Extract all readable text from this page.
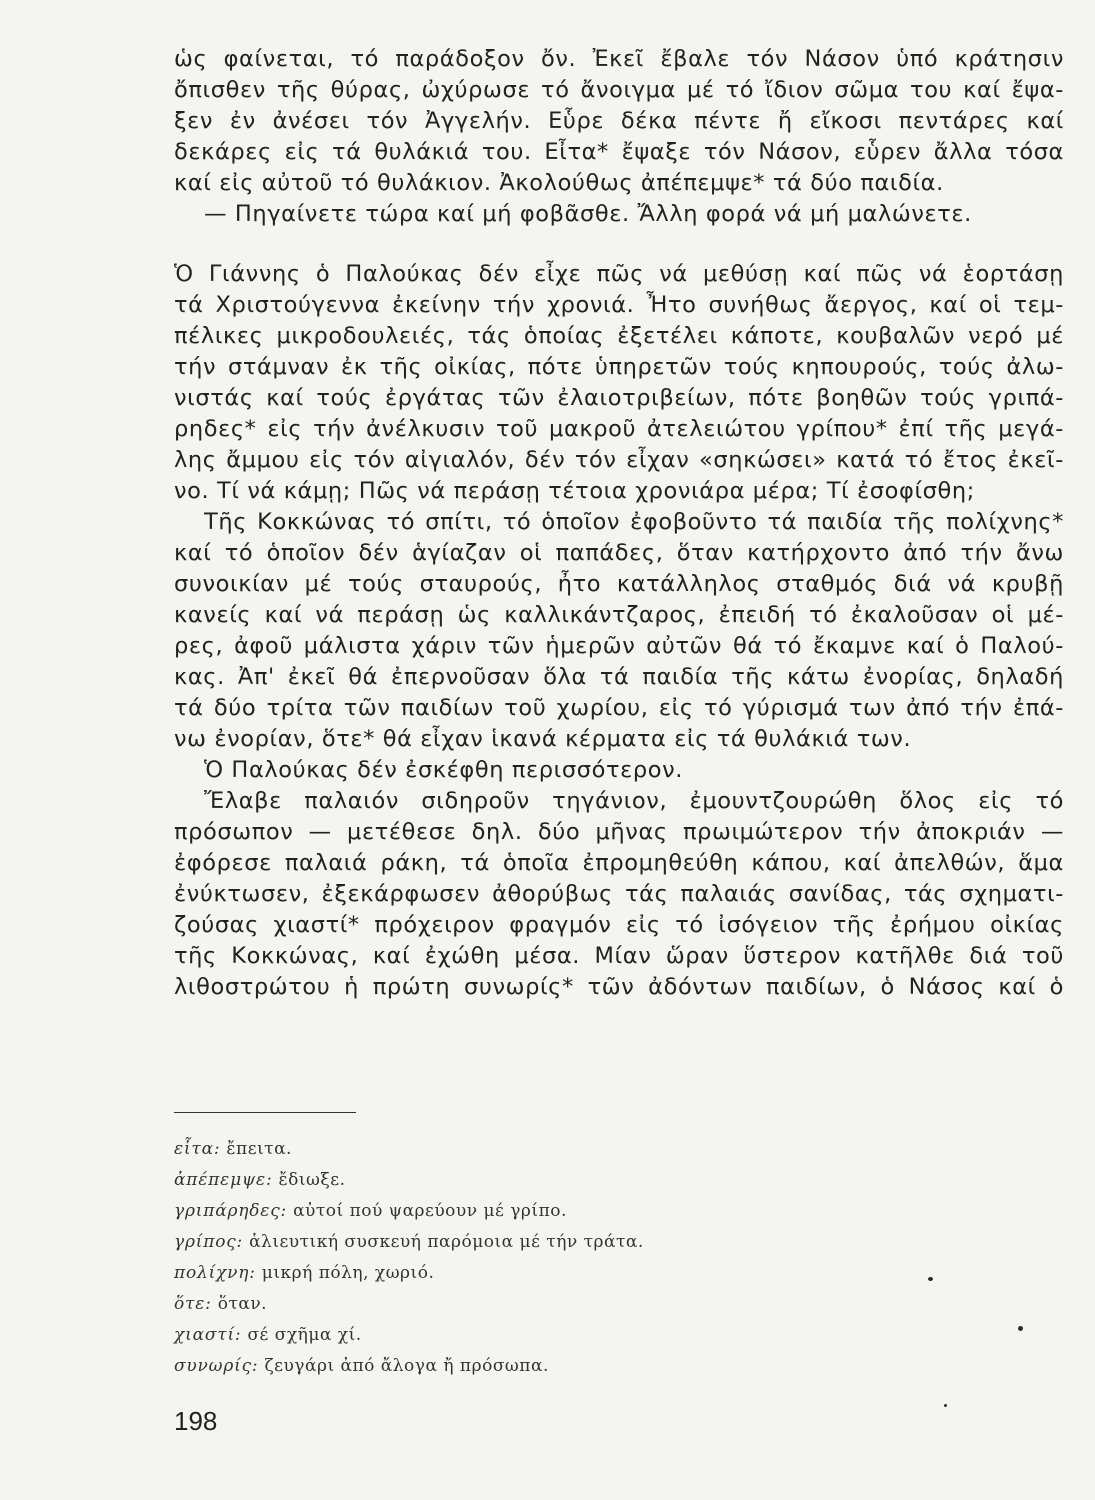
ὡς φαίνεται, τό παράδοξον ὄν. Ἐκεῖ ἔβαλε τόν Νάσον ὑπό κράτησιν
ὄπισθεν τῆς θύρας, ὠχύρωσε τό ἄνοιγμα μέ τό ἴδιον σῶμα του καί ἔψα-
ξεν ἐν ἀνέσει τόν Ἀγγελήν. Εὗρε δέκα πέντε ἤ εἴκοσι πεντάρες καί
δεκάρες εἰς τά θυλάκιά του. Εἶτα* ἔψαξε τόν Νάσον, εὗρεν ἄλλα τόσα
καί εἰς αὐτοῦ τό θυλάκιον. Ἀκολούθως ἀπέπεμψε* τά δύο παιδία.
— Πηγαίνετε τώρα καί μή φοβᾶσθε. Ἄλλη φορά νά μή μαλώνετε.
Ὁ Γιάννης ὁ Παλούκας δέν εἶχε πῶς νά μεθύσῃ καί πῶς νά ἑορτάσῃ
τά Χριστούγεννα ἐκείνην τήν χρονιά. Ἦτο συνήθως ἄεργος, καί οἱ τεμ-
πέλικες μικροδουλειές, τάς ὁποίας ἐξετέλει κάποτε, κουβαλῶν νερό μέ
τήν στάμναν ἐκ τῆς οἰκίας, πότε ὑπηρετῶν τούς κηπουρούς, τούς ἀλω-
νιστάς καί τούς ἐργάτας τῶν ἐλαιοτριβείων, πότε βοηθῶν τούς γριπά-
ρηδες* εἰς τήν ἀνέλκυσιν τοῦ μακροῦ ἀτελειώτου γρίπου* ἐπί τῆς μεγά-
λης ἄμμου εἰς τόν αἰγιαλόν, δέν τόν εἶχαν «σηκώσει» κατά τό ἔτος ἐκεῖ-
νο. Τί νά κάμῃ; Πῶς νά περάσῃ τέτοια χρονιάρα μέρα; Τί ἐσοφίσθη;
Τῆς Κοκκώνας τό σπίτι, τό ὁποῖον ἐφοβοῦντο τά παιδία τῆς πολίχνης*
καί τό ὁποῖον δέν ἁγίαζαν οἱ παπάδες, ὅταν κατήρχοντο ἀπό τήν ἄνω
συνοικίαν μέ τούς σταυρούς, ἦτο κατάλληλος σταθμός διά νά κρυβῇ
κανείς καί νά περάσῃ ὡς καλλικάντζαρος, ἐπειδή τό ἐκαλοῦσαν οἱ μέ-
ρες, ἀφοῦ μάλιστα χάριν τῶν ἡμερῶν αὐτῶν θά τό ἔκαμνε καί ὁ Παλού-
κας. Ἀπ' ἐκεῖ θά ἐπερνοῦσαν ὅλα τά παιδία τῆς κάτω ἐνορίας, δηλαδή
τά δύο τρίτα τῶν παιδίων τοῦ χωρίου, εἰς τό γύρισμά των ἀπό τήν ἐπά-
νω ἐνορίαν, ὅτε* θά εἶχαν ἱκανά κέρματα εἰς τά θυλάκιά των.
Ὁ Παλούκας δέν ἐσκέφθη περισσότερον.
Ἔλαβε παλαιόν σιδηροῦν τηγάνιον, ἐμουντζουρώθη ὅλος εἰς τό
πρόσωπον — μετέθεσε δηλ. δύο μῆνας πρωιμώτερον τήν ἀποκριάν —
ἐφόρεσε παλαιά ράκη, τά ὁποῖα ἐπρομηθεύθη κάπου, καί ἀπελθών, ἅμα
ἐνύκτωσεν, ἐξεκάρφωσεν ἀθορύβως τάς παλαιάς σανίδας, τάς σχηματι-
ζούσας χιαστί* πρόχειρον φραγμόν εἰς τό ἰσόγειον τῆς ἐρήμου οἰκίας
τῆς Κοκκώνας, καί ἐχώθη μέσα. Μίαν ὥραν ὕστερον κατῆλθε διά τοῦ
λιθοστρώτου ἡ πρώτη συνωρίς* τῶν ἀδόντων παιδίων, ὁ Νάσος καί ὁ
εἶτα: ἔπειτα.
ἀπέπεμψε: ἔδιωξε.
γριπάρηδες: αὐτοί πού ψαρεύουν μέ γρίπο.
γρίπος: ἁλιευτική συσκευή παρόμοια μέ τήν τράτα.
πολίχνη: μικρή πόλη, χωριό.
ὅτε: ὅταν.
χιαστί: σέ σχῆμα χί.
συνωρίς: ζευγάρι ἀπό ἄλογα ἤ πρόσωπα.
198
